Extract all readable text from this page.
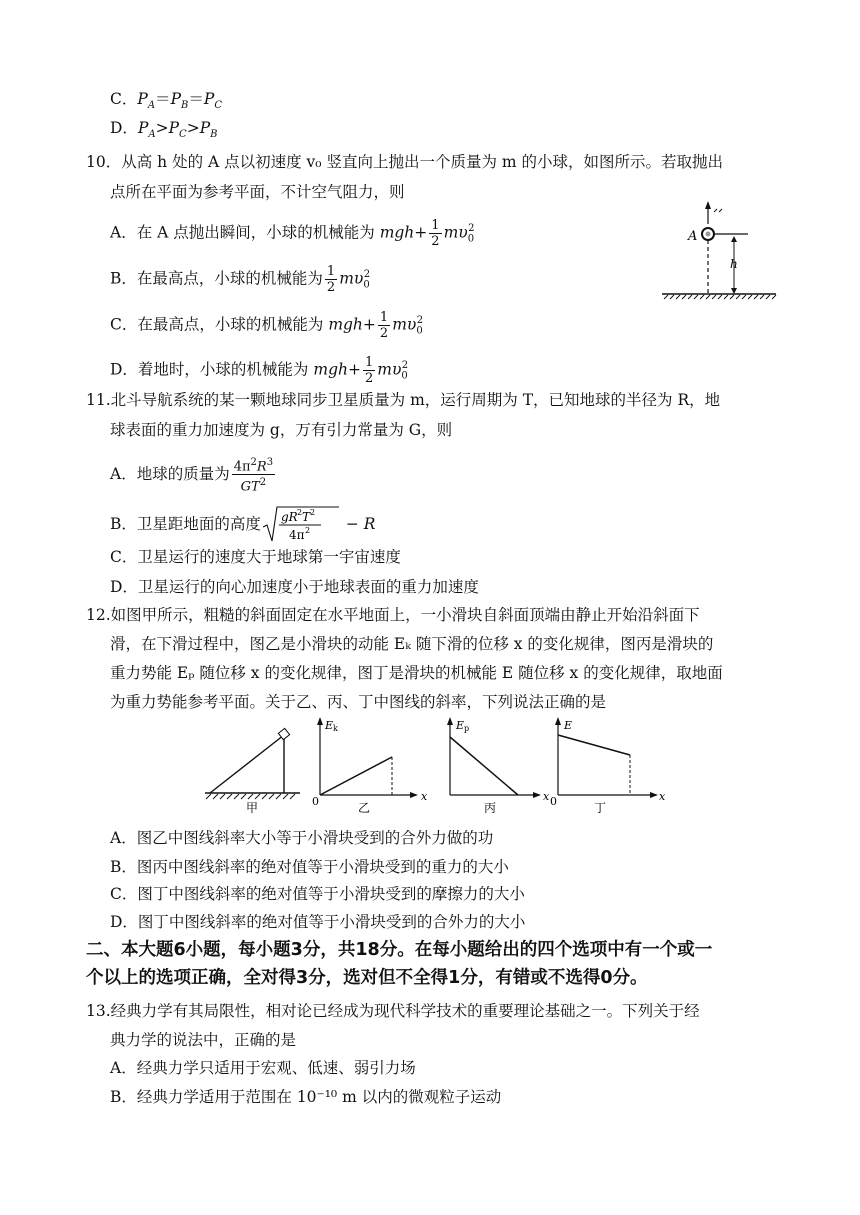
C．$P_A=P_B=P_C$
D．$P_A>P_C>P_B$
10．从高 h 处的 A 点以初速度 v₀ 竖直向上抛出一个质量为 m 的小球，如图所示。若取抛出
点所在平面为参考平面，不计空气阻力，则
A．在 A 点抛出瞬间，小球的机械能为 $mgh+ \frac{1}{2} m\upsilon_0^2$
B．在最高点，小球的机械能为 $\frac{1}{2} m\upsilon_0^2$
C．在最高点，小球的机械能为 $mgh+ \frac{1}{2} m\upsilon_0^2$
D．着地时，小球的机械能为 $mgh+ \frac{1}{2} m\upsilon_0^2$
A
h
11.北斗导航系统的某一颗地球同步卫星质量为 m，运行周期为 T，已知地球的半径为 R，地
球表面的重力加速度为 g，万有引力常量为 G，则
A．地球的质量为 $\frac{4\pi^2R^3}{GT^2}$
B．卫星距地面的高度 gR 2 T 2
4π 2 − R
C．卫星运行的速度大于地球第一宇宙速度
D．卫星运行的向心加速度小于地球表面的重力加速度
12.如图甲所示，粗糙的斜面固定在水平地面上，一小滑块自斜面顶端由静止开始沿斜面下
滑，在下滑过程中，图乙是小滑块的动能 Eₖ 随下滑的位移 x 的变化规律，图丙是滑块的
重力势能 Eₚ 随位移 x 的变化规律，图丁是滑块的机械能 E 随位移 x 的变化规律，取地面
为重力势能参考平面。关于乙、丙、丁中图线的斜率，下列说法正确的是
甲
E k
0	x
乙
E p
x
丙
E
0	x
丁
A．图乙中图线斜率大小等于小滑块受到的合外力做的功
B．图丙中图线斜率的绝对值等于小滑块受到的重力的大小
C．图丁中图线斜率的绝对值等于小滑块受到的摩擦力的大小
D．图丁中图线斜率的绝对值等于小滑块受到的合外力的大小
二、本大题6小题，每小题3分，共18分。在每小题给出的四个选项中有一个或一
个以上的选项正确，全对得3分，选对但不全得1分，有错或不选得0分。
13.经典力学有其局限性，相对论已经成为现代科学技术的重要理论基础之一。下列关于经
典力学的说法中，正确的是
A．经典力学只适用于宏观、低速、弱引力场
B．经典力学适用于范围在 10⁻¹⁰ m 以内的微观粒子运动
